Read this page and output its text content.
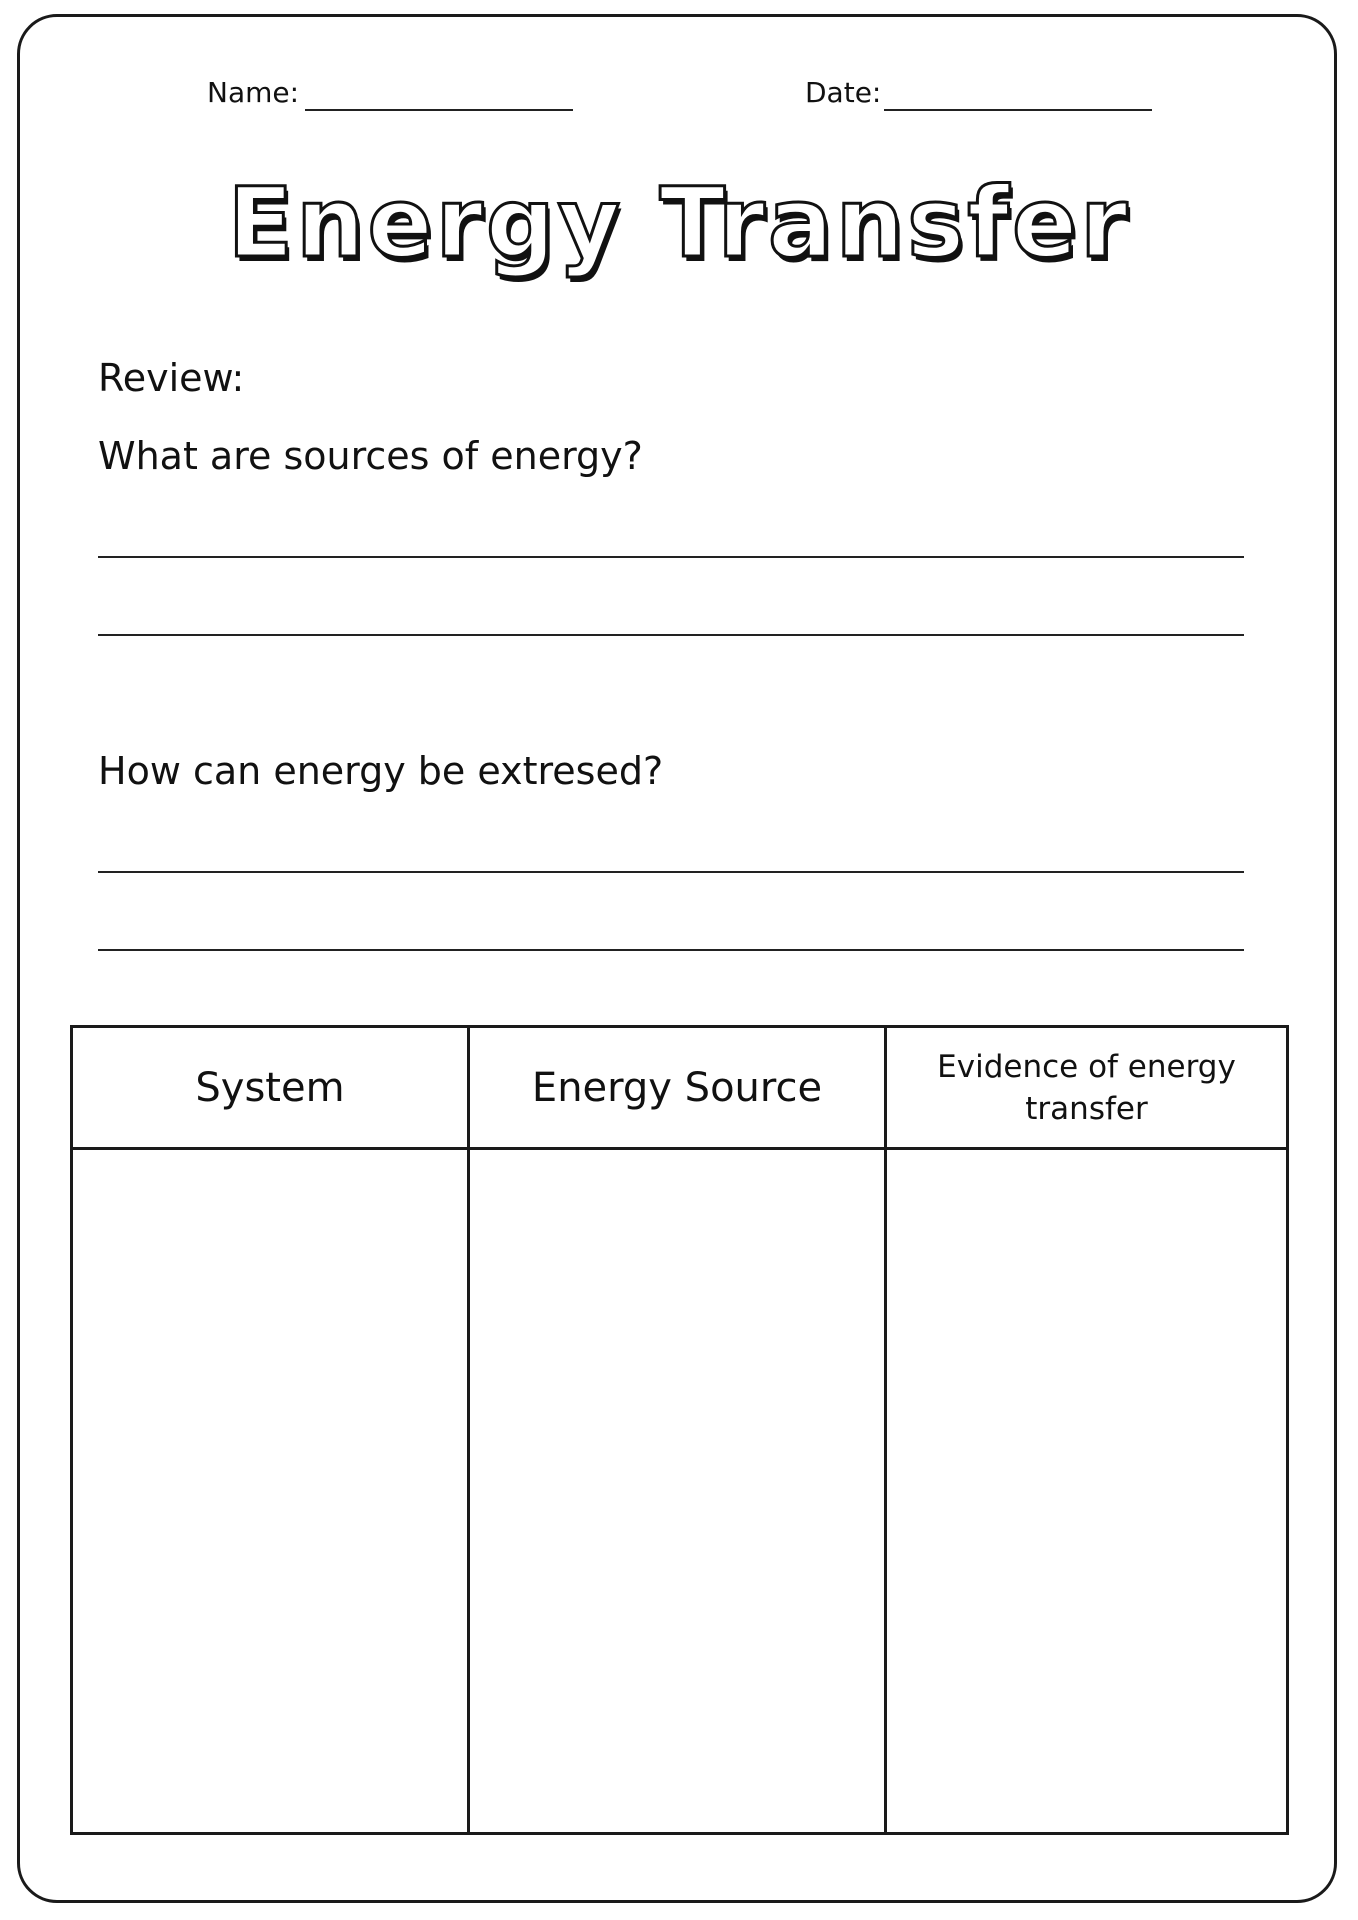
Name:	Date:
Energy Transfer
Review:
What are sources of energy?
How can energy be extresed?
System	Energy Source	Evidence of energy transfer
